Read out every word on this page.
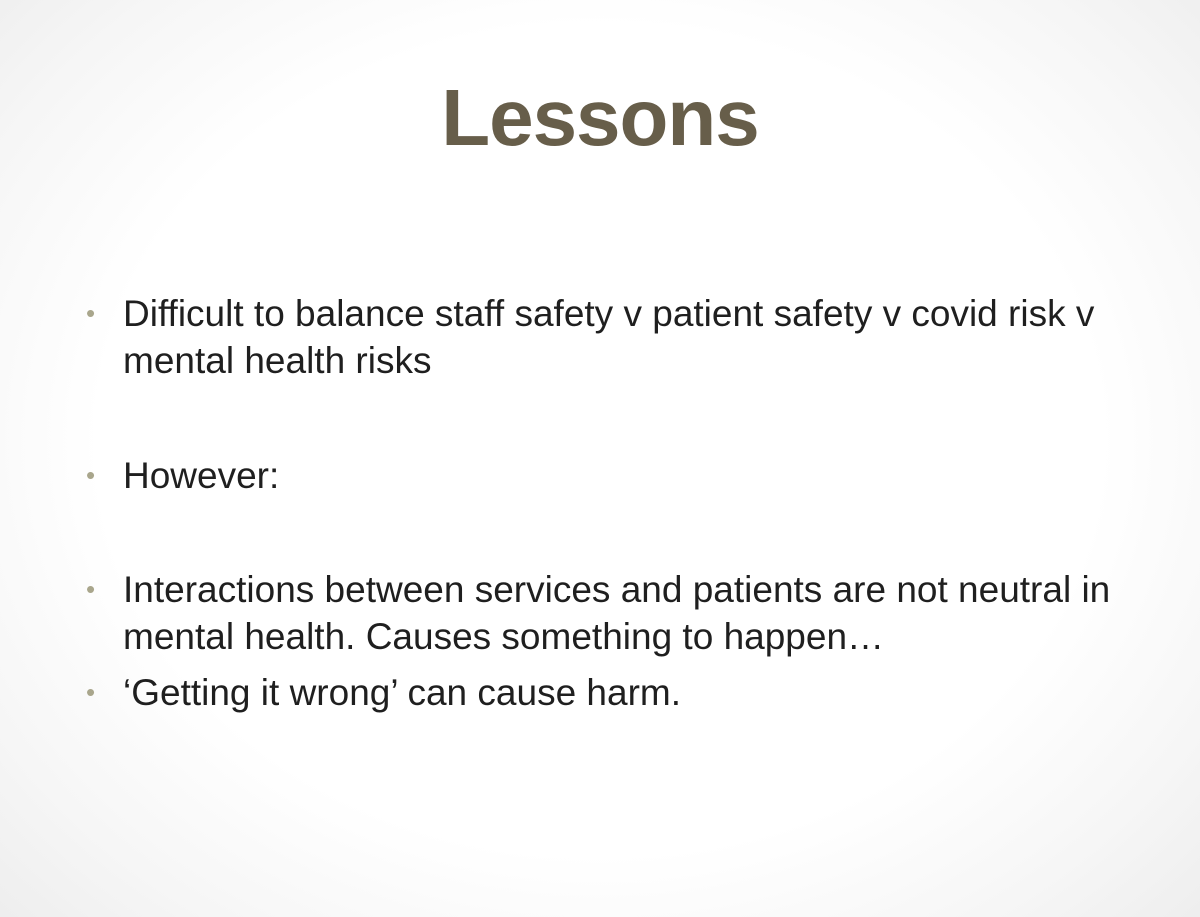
Lessons
• Difficult to balance staff safety v patient safety v covid risk v mental health risks
• However:
• Interactions between services and patients are not neutral in mental health. Causes something to happen…
• ‘Getting it wrong’ can cause harm.
